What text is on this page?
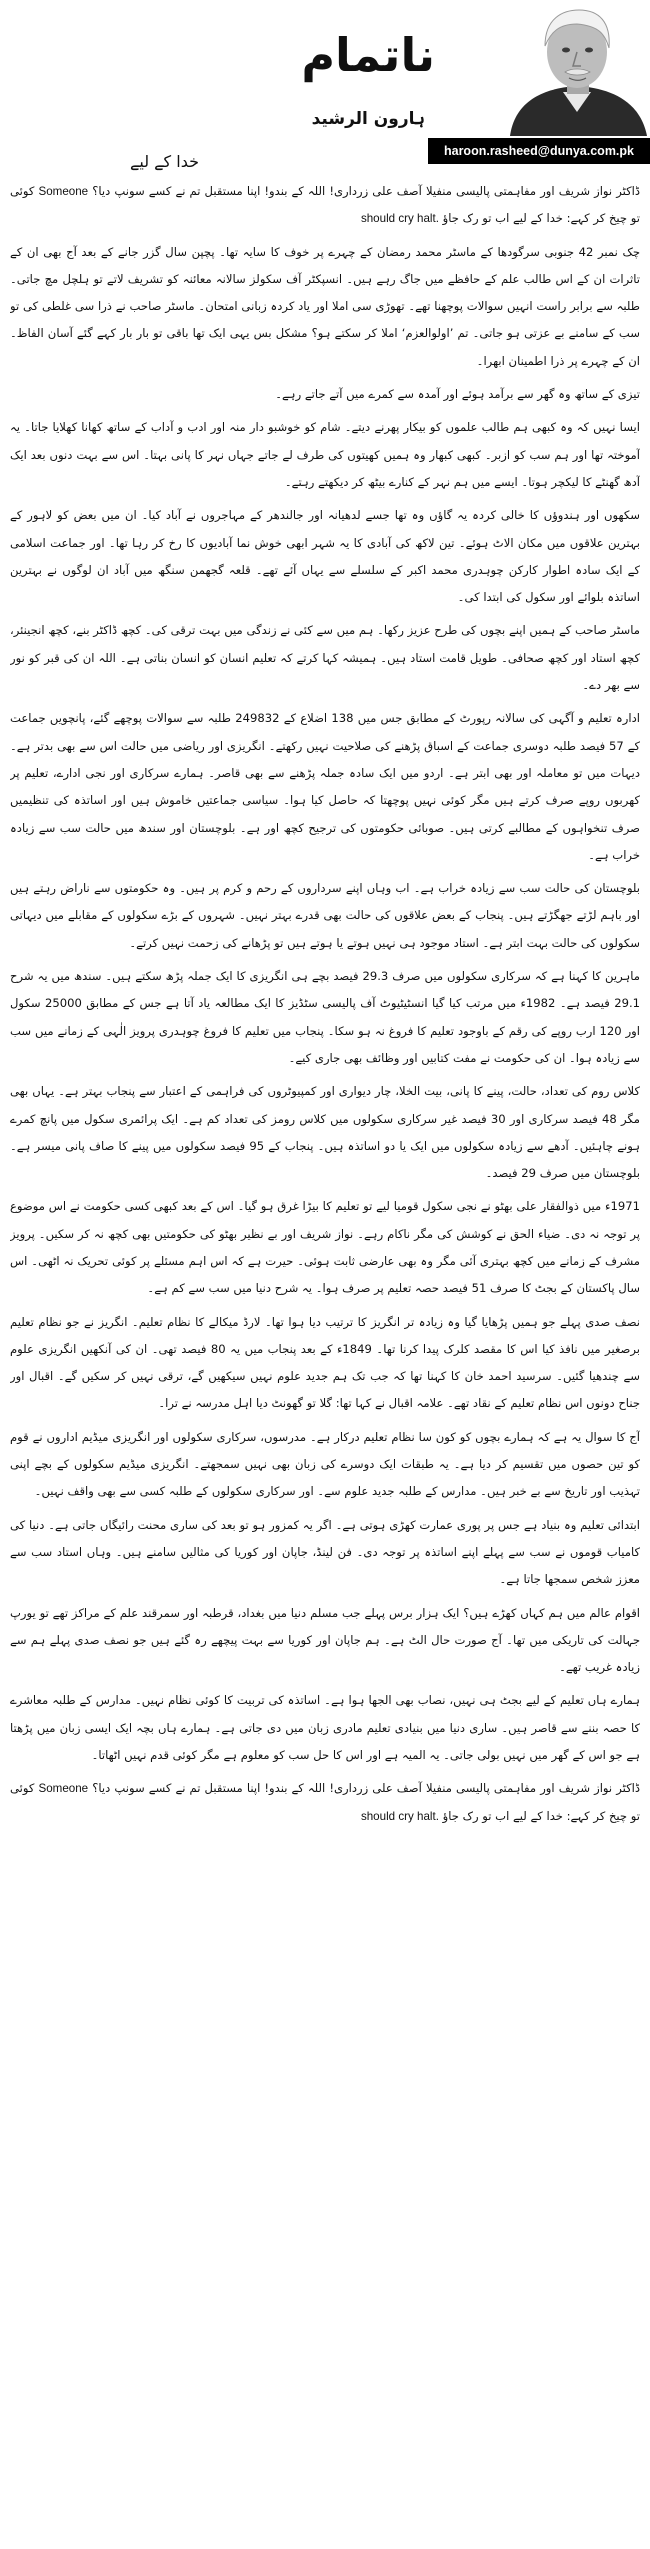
ناتمام
ہارون الرشید
haroon.rasheed@dunya.com.pk
خدا کے لیے

ڈاکٹر نواز شریف اور مفاہمتی پالیسی منفیلا آصف علی زرداری! اللہ کے بندو! اپنا مستقبل تم نے کسے سونپ دیا؟ Someone کوئی تو چیخ کر کہے: خدا کے لیے اب تو رک جاؤ should cry halt.

چک نمبر 42 جنوبی سرگودھا کے ماسٹر محمد رمضان کے چہرے پر خوف کا سایہ تھا۔ پچپن سال گزر جانے کے بعد آج بھی ان کے تاثرات ان کے اس طالب علم کے حافظے میں جاگ رہے ہیں۔ انسپکٹر آف سکولز سالانہ معائنہ کو تشریف لاتے تو ہلچل مچ جاتی۔ طلبہ سے برابر راست انہیں سوالات پوچھنا تھے۔ تھوڑی سی املا اور یاد کردہ زبانی امتحان۔ ماسٹر صاحب نے ذرا سی غلطی کی تو سب کے سامنے بے عزتی ہو جاتی۔ تم ’اولوالعزم‘ املا کر سکتے ہو؟ مشکل بس یہی ایک تھا باقی تو بار بار کہے گئے آسان الفاظ۔ ان کے چہرے پر ذرا اطمینان ابھرا۔

تیزی کے ساتھ وہ گھر سے برآمد ہوئے اور آمدہ سے کمرے میں آتے جاتے رہے۔

ایسا نہیں کہ وہ کبھی ہم طالب علموں کو بیکار پھرنے دیتے۔ شام کو خوشبو دار منہ اور ادب و آداب کے ساتھ کھانا کھلایا جاتا۔ یہ آموختہ تھا اور ہم سب کو ازبر۔ کبھی کبھار وہ ہمیں کھیتوں کی طرف لے جاتے جہاں نہر کا پانی بہتا۔ اس سے بہت دنوں بعد ایک آدھ گھنٹے کا لیکچر ہوتا۔ ایسے میں ہم نہر کے کنارے بیٹھ کر دیکھتے رہتے۔

سکھوں اور ہندوؤں کا خالی کردہ یہ گاؤں وہ تھا جسے لدھیانہ اور جالندھر کے مہاجروں نے آباد کیا۔ ان میں بعض کو لاہور کے بہترین علاقوں میں مکان الاٹ ہوئے۔ تین لاکھ کی آبادی کا یہ شہر ابھی خوش نما آبادیوں کا رخ کر رہا تھا۔ اور جماعت اسلامی کے ایک سادہ اطوار کارکن چوہدری محمد اکبر کے سلسلے سے یہاں آئے تھے۔ قلعہ گجھمن سنگھ میں آباد ان لوگوں نے بہترین اساتذہ بلوائے اور سکول کی ابتدا کی۔

ماسٹر صاحب کے ہمیں اپنے بچوں کی طرح عزیز رکھا۔ ہم میں سے کئی نے زندگی میں بہت ترقی کی۔ کچھ ڈاکٹر بنے، کچھ انجینئر، کچھ استاد اور کچھ صحافی۔ طویل قامت استاد ہیں۔ ہمیشہ کہا کرتے کہ تعلیم انسان کو انسان بناتی ہے۔ اللہ ان کی قبر کو نور سے بھر دے۔

ادارہ تعلیم و آگہی کی سالانہ رپورٹ کے مطابق جس میں 138 اضلاع کے 249832 طلبہ سے سوالات پوچھے گئے، پانچویں جماعت کے 57 فیصد طلبہ دوسری جماعت کے اسباق پڑھنے کی صلاحیت نہیں رکھتے۔ انگریزی اور ریاضی میں حالت اس سے بھی بدتر ہے۔ دیہات میں تو معاملہ اور بھی ابتر ہے۔ اردو میں ایک سادہ جملہ پڑھنے سے بھی قاصر۔ ہمارے سرکاری اور نجی ادارے، تعلیم پر کھربوں روپے صرف کرتے ہیں مگر کوئی نہیں پوچھتا کہ حاصل کیا ہوا۔ سیاسی جماعتیں خاموش ہیں اور اساتذہ کی تنظیمیں صرف تنخواہوں کے مطالبے کرتی ہیں۔ صوبائی حکومتوں کی ترجیح کچھ اور ہے۔ بلوچستان اور سندھ میں حالت سب سے زیادہ خراب ہے۔

بلوچستان کی حالت سب سے زیادہ خراب ہے۔ اب وہاں اپنے سرداروں کے رحم و کرم پر ہیں۔ وہ حکومتوں سے ناراض رہتے ہیں اور باہم لڑتے جھگڑتے ہیں۔ پنجاب کے بعض علاقوں کی حالت بھی قدرے بہتر نہیں۔ شہروں کے بڑے سکولوں کے مقابلے میں دیہاتی سکولوں کی حالت بہت ابتر ہے۔ استاد موجود ہی نہیں ہوتے یا ہوتے ہیں تو پڑھانے کی زحمت نہیں کرتے۔

ماہرین کا کہنا ہے کہ سرکاری سکولوں میں صرف 29.3 فیصد بچے ہی انگریزی کا ایک جملہ پڑھ سکتے ہیں۔ سندھ میں یہ شرح 29.1 فیصد ہے۔ 1982ء میں مرتب کیا گیا انسٹیٹیوٹ آف پالیسی سٹڈیز کا ایک مطالعہ یاد آتا ہے جس کے مطابق 25000 سکول اور 120 ارب روپے کی رقم کے باوجود تعلیم کا فروغ نہ ہو سکا۔ پنجاب میں تعلیم کا فروغ چوہدری پرویز الٰہی کے زمانے میں سب سے زیادہ ہوا۔ ان کی حکومت نے مفت کتابیں اور وظائف بھی جاری کیے۔

کلاس روم کی تعداد، حالت، پینے کا پانی، بیت الخلا، چار دیواری اور کمپیوٹروں کی فراہمی کے اعتبار سے پنجاب بہتر ہے۔ یہاں بھی مگر 48 فیصد سرکاری اور 30 فیصد غیر سرکاری سکولوں میں کلاس رومز کی تعداد کم ہے۔ ایک پرائمری سکول میں پانچ کمرے ہونے چاہئیں۔ آدھے سے زیادہ سکولوں میں ایک یا دو اساتذہ ہیں۔ پنجاب کے 95 فیصد سکولوں میں پینے کا صاف پانی میسر ہے۔ بلوچستان میں صرف 29 فیصد۔

1971ء میں ذوالفقار علی بھٹو نے نجی سکول قومیا لیے تو تعلیم کا بیڑا غرق ہو گیا۔ اس کے بعد کبھی کسی حکومت نے اس موضوع پر توجہ نہ دی۔ ضیاء الحق نے کوشش کی مگر ناکام رہے۔ نواز شریف اور بے نظیر بھٹو کی حکومتیں بھی کچھ نہ کر سکیں۔ پرویز مشرف کے زمانے میں کچھ بہتری آئی مگر وہ بھی عارضی ثابت ہوئی۔ حیرت ہے کہ اس اہم مسئلے پر کوئی تحریک نہ اٹھی۔ اس سال پاکستان کے بجٹ کا صرف 51 فیصد حصہ تعلیم پر صرف ہوا۔ یہ شرح دنیا میں سب سے کم ہے۔

نصف صدی پہلے جو ہمیں پڑھایا گیا وہ زیادہ تر انگریز کا ترتیب دیا ہوا تھا۔ لارڈ میکالے کا نظام تعلیم۔ انگریز نے جو نظام تعلیم برصغیر میں نافذ کیا اس کا مقصد کلرک پیدا کرنا تھا۔ 1849ء کے بعد پنجاب میں یہ 80 فیصد تھی۔ ان کی آنکھیں انگریزی علوم سے چندھیا گئیں۔ سرسید احمد خان کا کہنا تھا کہ جب تک ہم جدید علوم نہیں سیکھیں گے، ترقی نہیں کر سکیں گے۔ اقبال اور جناح دونوں اس نظام تعلیم کے نقاد تھے۔ علامہ اقبال نے کہا تھا: گلا تو گھونٹ دیا اہل مدرسہ نے ترا۔

آج کا سوال یہ ہے کہ ہمارے بچوں کو کون سا نظام تعلیم درکار ہے۔ مدرسوں، سرکاری سکولوں اور انگریزی میڈیم اداروں نے قوم کو تین حصوں میں تقسیم کر دیا ہے۔ یہ طبقات ایک دوسرے کی زبان بھی نہیں سمجھتے۔ انگریزی میڈیم سکولوں کے بچے اپنی تہذیب اور تاریخ سے بے خبر ہیں۔ مدارس کے طلبہ جدید علوم سے۔ اور سرکاری سکولوں کے طلبہ کسی سے بھی واقف نہیں۔

ابتدائی تعلیم وہ بنیاد ہے جس پر پوری عمارت کھڑی ہوتی ہے۔ اگر یہ کمزور ہو تو بعد کی ساری محنت رائیگاں جاتی ہے۔ دنیا کی کامیاب قوموں نے سب سے پہلے اپنے اساتذہ پر توجہ دی۔ فن لینڈ، جاپان اور کوریا کی مثالیں سامنے ہیں۔ وہاں استاد سب سے معزز شخص سمجھا جاتا ہے۔

اقوام عالم میں ہم کہاں کھڑے ہیں؟ ایک ہزار برس پہلے جب مسلم دنیا میں بغداد، قرطبہ اور سمرقند علم کے مراکز تھے تو یورپ جہالت کی تاریکی میں تھا۔ آج صورت حال الٹ ہے۔ ہم جاپان اور کوریا سے بہت پیچھے رہ گئے ہیں جو نصف صدی پہلے ہم سے زیادہ غریب تھے۔

ہمارے ہاں تعلیم کے لیے بجٹ ہی نہیں، نصاب بھی الجھا ہوا ہے۔ اساتذہ کی تربیت کا کوئی نظام نہیں۔ مدارس کے طلبہ معاشرے کا حصہ بننے سے قاصر ہیں۔ ساری دنیا میں بنیادی تعلیم مادری زبان میں دی جاتی ہے۔ ہمارے ہاں بچہ ایک ایسی زبان میں پڑھتا ہے جو اس کے گھر میں نہیں بولی جاتی۔ یہ المیہ ہے اور اس کا حل سب کو معلوم ہے مگر کوئی قدم نہیں اٹھاتا۔

ڈاکٹر نواز شریف اور مفاہمتی پالیسی منفیلا آصف علی زرداری! اللہ کے بندو! اپنا مستقبل تم نے کسے سونپ دیا؟ Someone کوئی تو چیخ کر کہے: خدا کے لیے اب تو رک جاؤ should cry halt.
